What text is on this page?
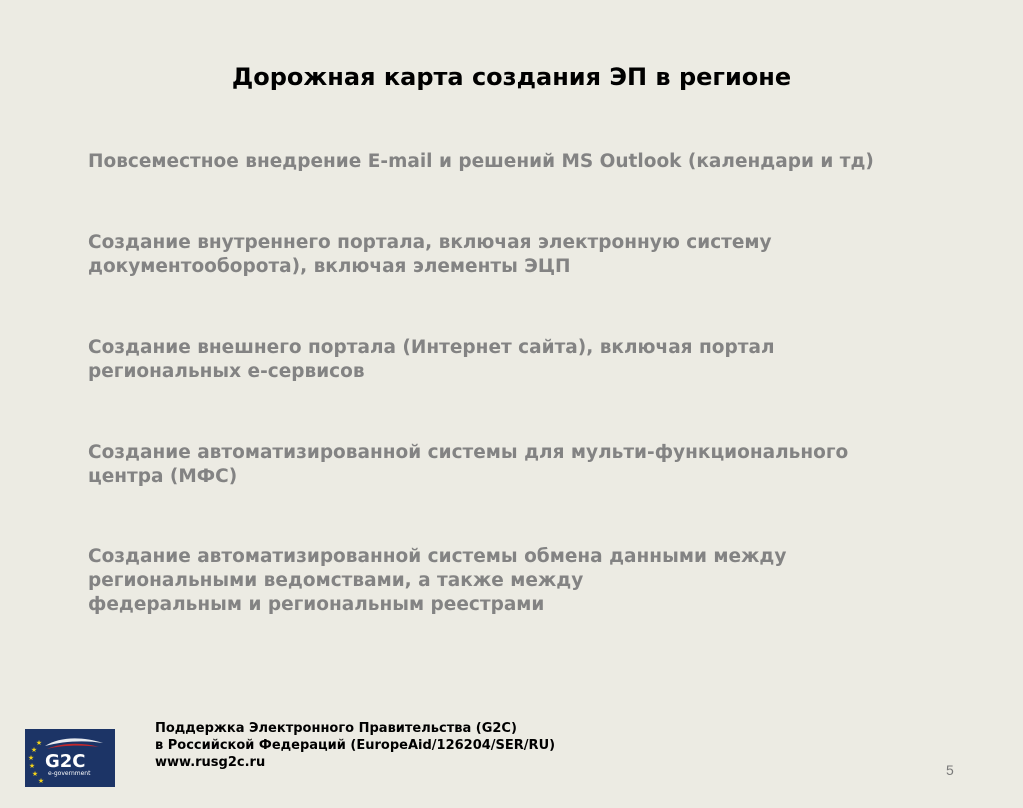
Дорожная карта создания ЭП в регионе
Повсеместное внедрение E-mail и решений MS Outlook (календари и тд)
Создание внутреннего портала, включая электронную систему
документооборота), включая элементы ЭЦП
Создание внешнего портала (Интернет сайта), включая портал
региональных е-сервисов
Создание автоматизированной системы для мульти-функционального
центра (МФС)
Создание автоматизированной системы обмена данными между
региональными ведомствами, а также между
федеральным и региональным реестрами
G2C
e-government
★
★
★
★
★
★
Поддержка Электронного Правительства (G2C)
в Российской Федераций (EuropeAid/126204/SER/RU)
www.rusg2c.ru	5
